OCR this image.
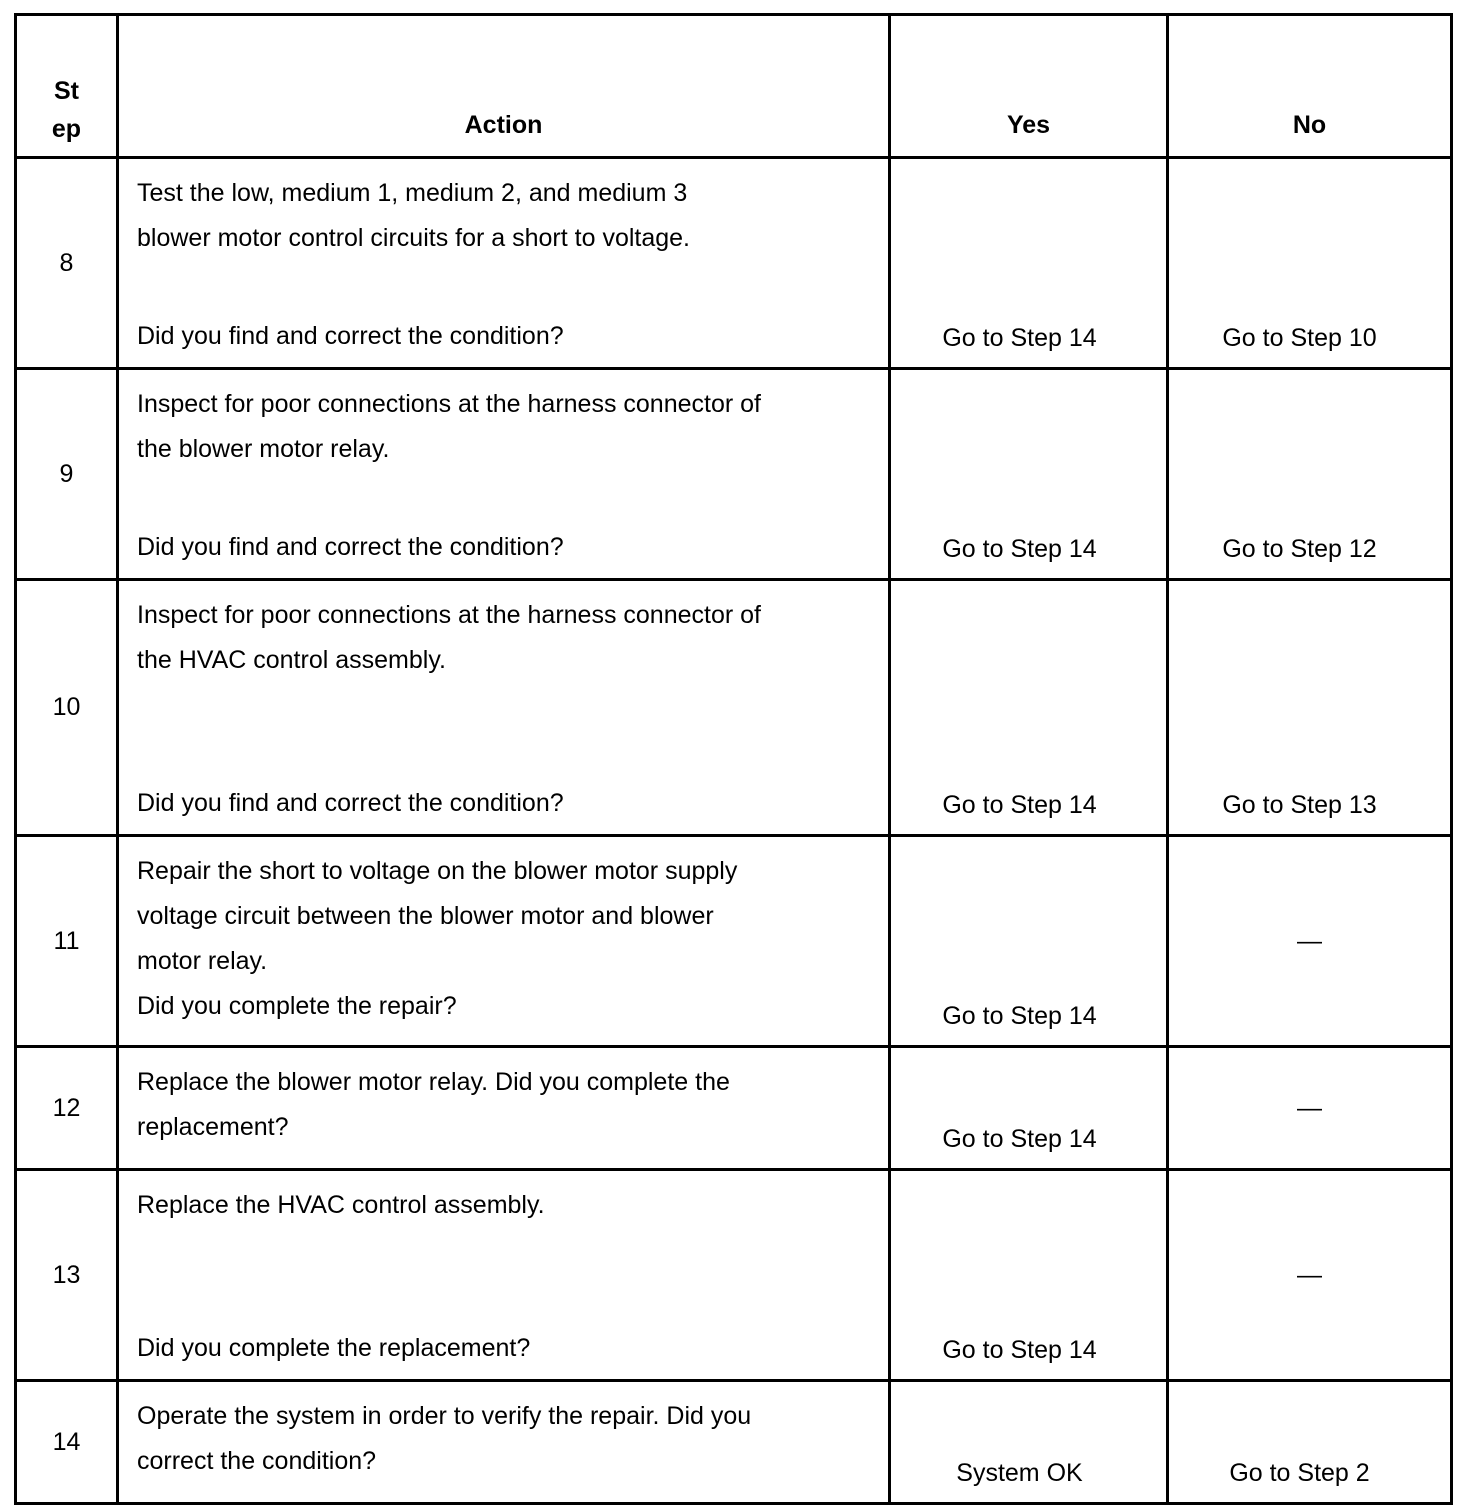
St
ep	Action	Yes	No
8	Test the low, medium 1, medium 2, and medium 3
blower motor control circuits for a short to voltage.
Did you find and correct the condition?	Go to Step 14	Go to Step 10
9	Inspect for poor connections at the harness connector of
the blower motor relay.
Did you find and correct the condition?	Go to Step 14	Go to Step 12
10	Inspect for poor connections at the harness connector of
the HVAC control assembly.
Did you find and correct the condition?	Go to Step 14	Go to Step 13
11	Repair the short to voltage on the blower motor supply
voltage circuit between the blower motor and blower
motor relay.
Did you complete the repair?	Go to Step 14	—
12	Replace the blower motor relay. Did you complete the
replacement?	Go to Step 14	—
13	Replace the HVAC control assembly.
Did you complete the replacement?	Go to Step 14	—
14	Operate the system in order to verify the repair. Did you
correct the condition?	System OK	Go to Step 2
